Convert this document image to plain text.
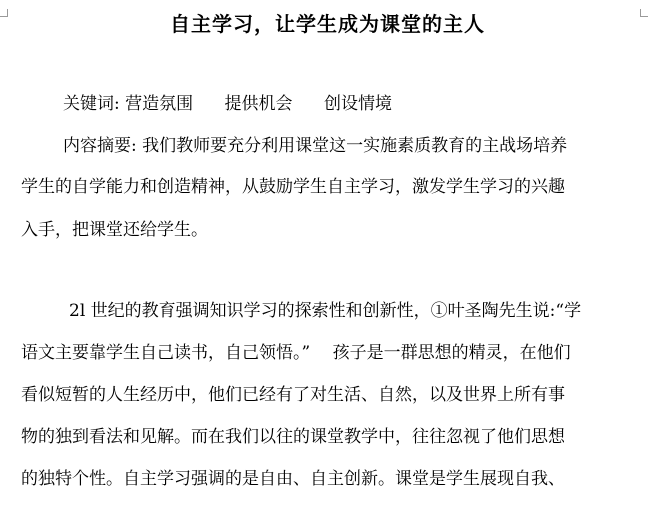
自主学习，让学生成为课堂的主人
关键词: 营造氛围 提供机会 创设情境
内容摘要: 我们教师要充分利用课堂这一实施素质教育的主战场培养
学生的自学能力和创造精神，从鼓励学生自主学习，激发学生学习的兴趣
入手，把课堂还给学生。
2l 世纪的教育强调知识学习的探索性和创新性，①叶圣陶先生说:“学
语文主要靠学生自己读书，自己领悟。”　 孩子是一群思想的精灵，在他们
看似短暂的人生经历中，他们已经有了对生活、自然，以及世界上所有事
物的独到看法和见解。而在我们以往的课堂教学中，往往忽视了他们思想
的独特个性。自主学习强调的是自由、自主创新。课堂是学生展现自我、
